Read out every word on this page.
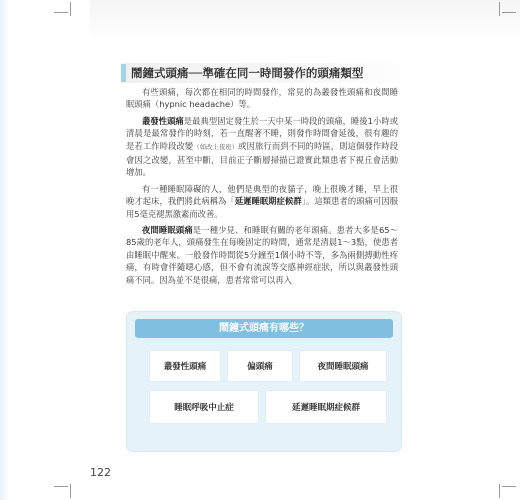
鬧鐘式頭痛──準確在同一時間發作的頭痛類型

有些頭痛，每次都在相同的時間發作，常見的為叢發性頭痛和夜間睡眠頭痛（hypnic headache）等。

叢發性頭痛是最典型固定發生於一天中某一時段的頭痛，睡後1小時或清晨是最常發作的時刻，若一直醒著不睡，則發作時間會延後，很有趣的是若工作時段改變（如改上夜班）或因旅行而到不同的時區，則這個發作時段會因之改變，甚至中斷，目前正子斷層掃描已證實此類患者下視丘會活動增加。

有一種睡眠障礙的人，他們是典型的夜貓子，晚上很晚才睡，早上很晚才起床，我們將此病稱為「延遲睡眠期症候群」。這類患者的頭痛可因服用5毫克褪黑激素而改善。

夜間睡眠頭痛是一種少見、和睡眠有關的老年頭痛。患者大多是65～85歲的老年人，頭痛發生在每晚固定的時間，通常是清晨1～3點，使患者由睡眠中醒來。一般發作時間從5分鐘至1個小時不等，多為兩側搏動性疼痛，有時會伴隨噁心感，但不會有流淚等交感神經症狀，所以與叢發性頭痛不同。因為並不是很痛，患者常常可以再入

鬧鐘式頭痛有哪些？
叢發性頭痛	偏頭痛	夜間睡眠頭痛
睡眠呼吸中止症	延遲睡眠期症候群
122
